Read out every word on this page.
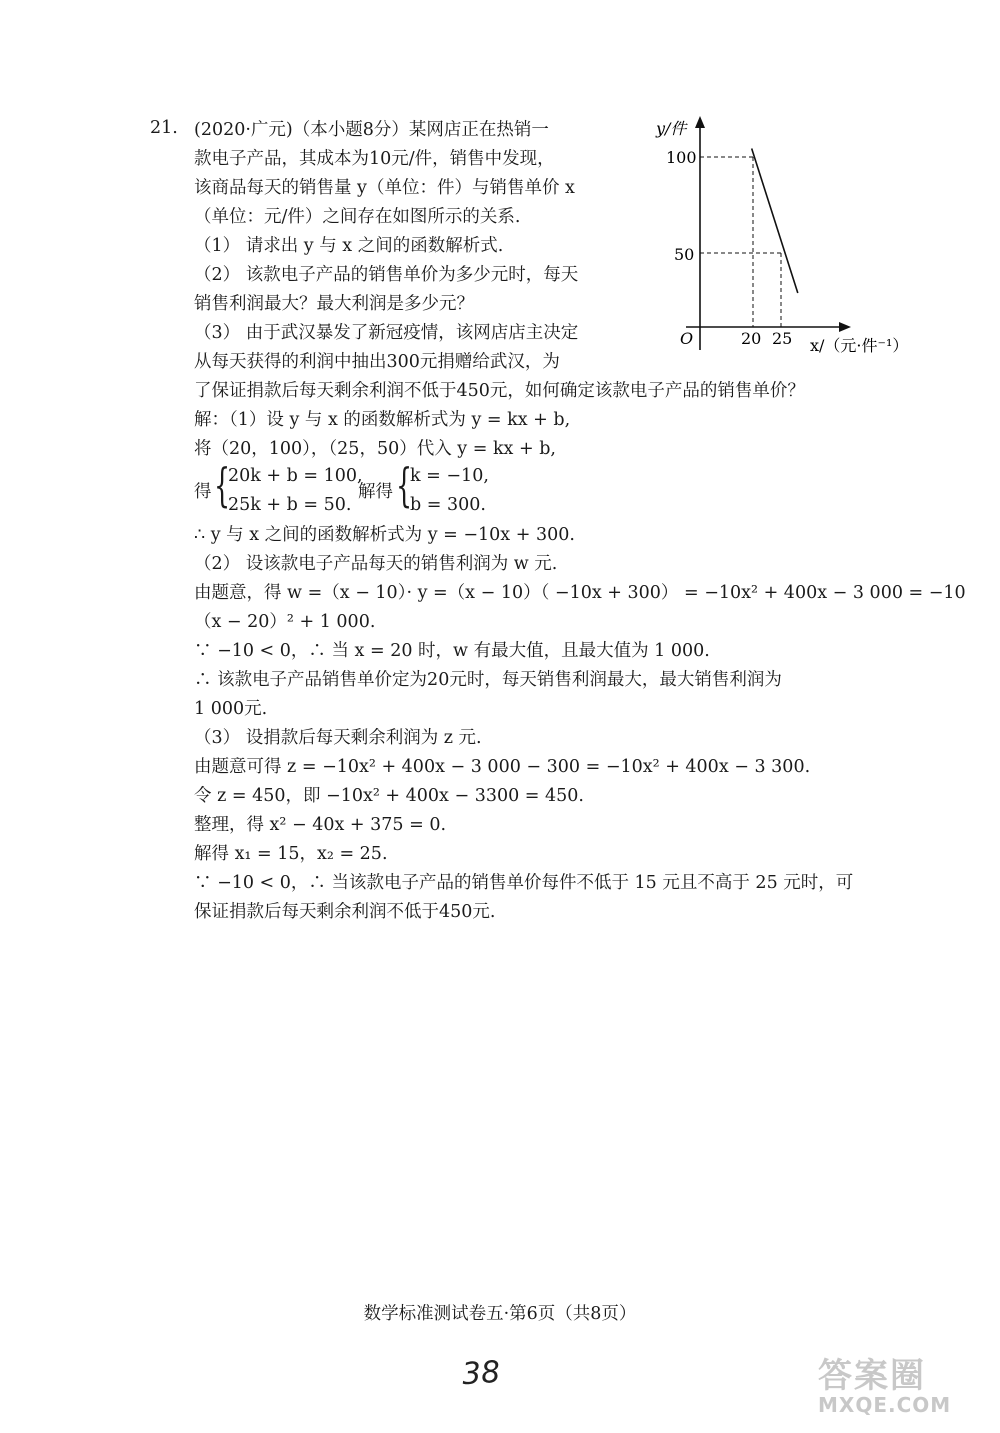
21. (2020·广元)（本小题8分）某网店正在热销一
款电子产品，其成本为10元/件，销售中发现，
该商品每天的销售量 y（单位：件）与销售单价 x
（单位：元/件）之间存在如图所示的关系.
（1） 请求出 y 与 x 之间的函数解析式.
（2） 该款电子产品的销售单价为多少元时，每天
销售利润最大？最大利润是多少元？
（3） 由于武汉暴发了新冠疫情，该网店店主决定
从每天获得的利润中抽出300元捐赠给武汉，为
了保证捐款后每天剩余利润不低于450元，如何确定该款电子产品的销售单价？
y/件
100
50
O	20 25 x/（元·件⁻¹）
解：（1）设 y 与 x 的函数解析式为 y = kx + b,
将（20，100），（25，50）代入 y = kx + b,
得 {
20k + b = 100,
25k + b = 50.
解得 {
k = −10,
b = 300.
∴ y 与 x 之间的函数解析式为 y = −10x + 300.
（2） 设该款电子产品每天的销售利润为 w 元.
由题意，得 w =（x − 10）· y =（x − 10）（ −10x + 300） = −10x² + 400x − 3 000 = −10
（x − 20）² + 1 000.
∵ −10 < 0，∴ 当 x = 20 时，w 有最大值，且最大值为 1 000.
∴ 该款电子产品销售单价定为20元时，每天销售利润最大，最大销售利润为
1 000元.
（3） 设捐款后每天剩余利润为 z 元.
由题意可得 z = −10x² + 400x − 3 000 − 300 = −10x² + 400x − 3 300.
令 z = 450，即 −10x² + 400x − 3300 = 450.
整理，得 x² − 40x + 375 = 0.
解得 x₁ = 15，x₂ = 25.
∵ −10 < 0，∴ 当该款电子产品的销售单价每件不低于 15 元且不高于 25 元时，可
保证捐款后每天剩余利润不低于450元.
数学标准测试卷五·第6页（共8页）
38	答案圈
MXQE.COM
